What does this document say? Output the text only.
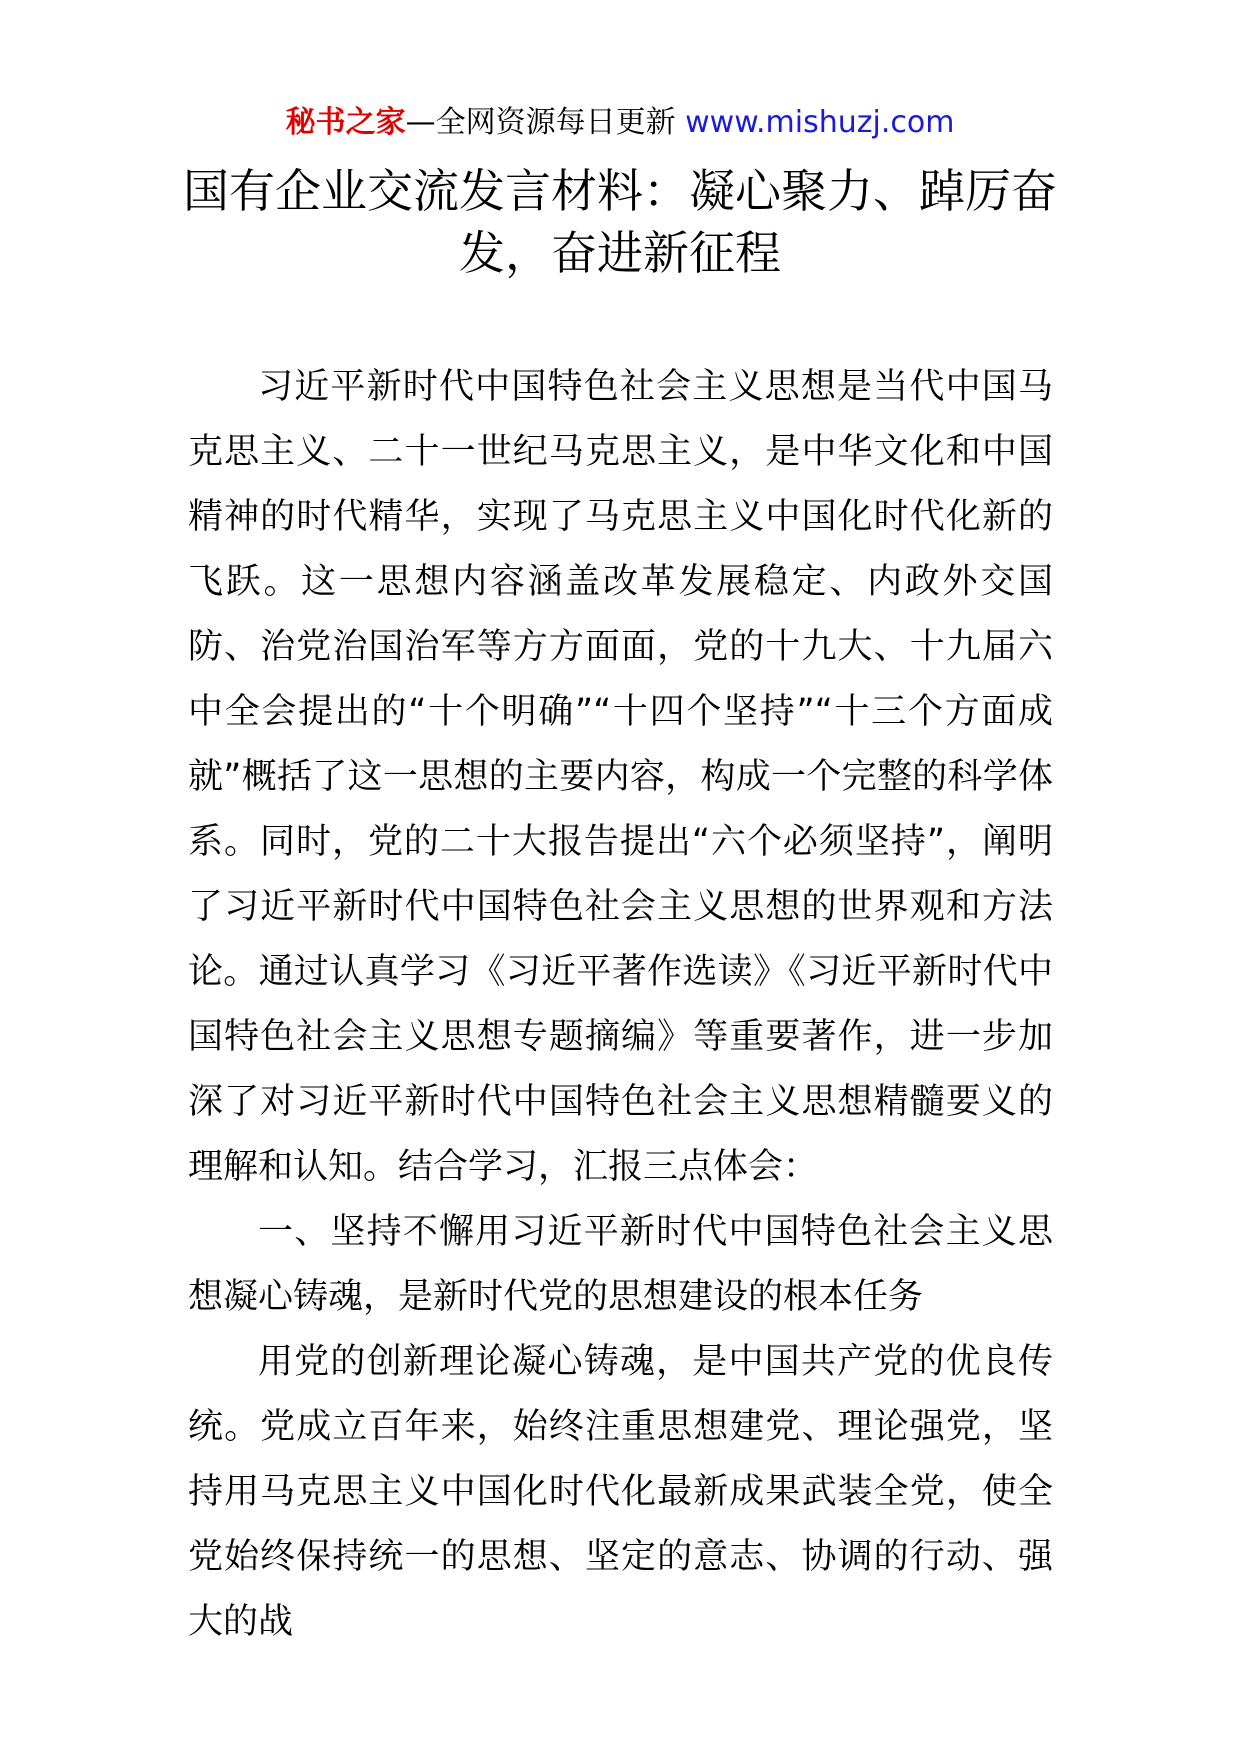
秘书之家—全网资源每日更新 www.mishuzj.com
国有企业交流发言材料：凝心聚力、踔厉奋发，奋进新征程

习近平新时代中国特色社会主义思想是当代中国马克思主义、二十一世纪马克思主义，是中华文化和中国精神的时代精华，实现了马克思主义中国化时代化新的飞跃。这一思想内容涵盖改革发展稳定、内政外交国防、治党治国治军等方方面面，党的十九大、十九届六中全会提出的“十个明确”“十四个坚持”“十三个方面成就”概括了这一思想的主要内容，构成一个完整的科学体系。同时，党的二十大报告提出“六个必须坚持”，阐明了习近平新时代中国特色社会主义思想的世界观和方法论。通过认真学习《习近平著作选读》《习近平新时代中国特色社会主义思想专题摘编》等重要著作，进一步加深了对习近平新时代中国特色社会主义思想精髓要义的理解和认知。结合学习，汇报三点体会：

一、坚持不懈用习近平新时代中国特色社会主义思想凝心铸魂，是新时代党的思想建设的根本任务

用党的创新理论凝心铸魂，是中国共产党的优良传统。党成立百年来，始终注重思想建党、理论强党，坚持用马克思主义中国化时代化最新成果武装全党，使全党始终保持统一的思想、坚定的意志、协调的行动、强大的战
